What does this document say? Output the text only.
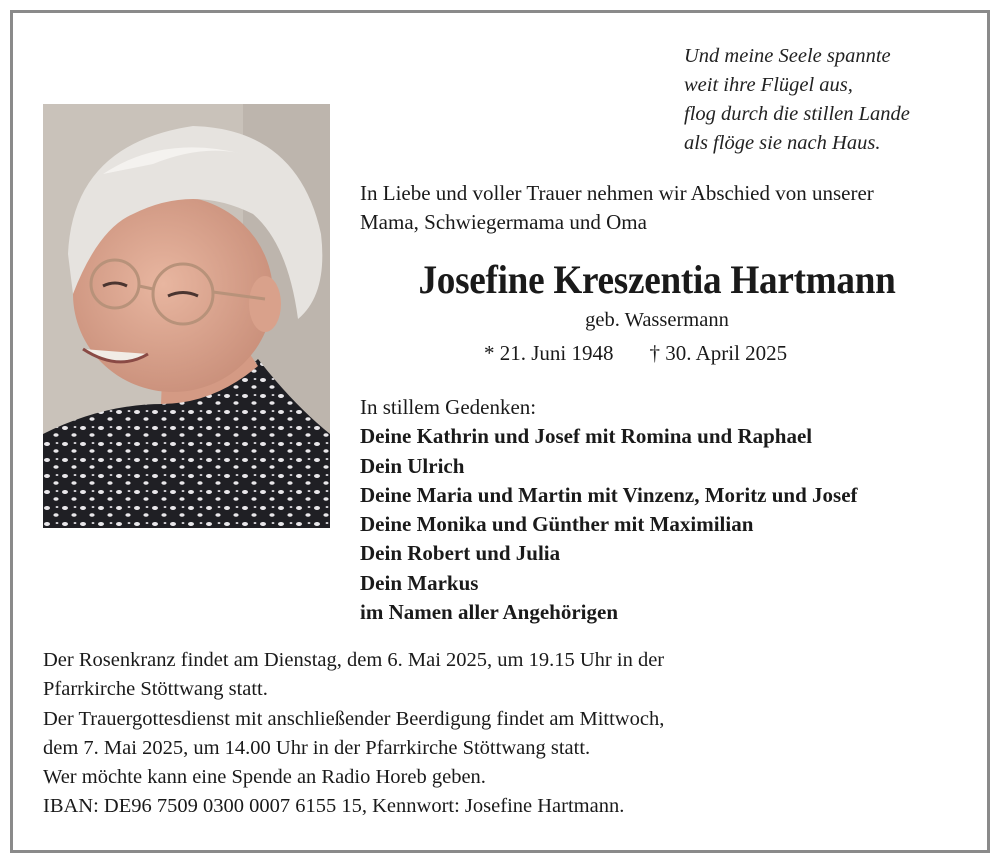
Und meine Seele spannte
weit ihre Flügel aus,
flog durch die stillen Lande
als flöge sie nach Haus.
In Liebe und voller Trauer nehmen wir Abschied von unserer
Mama, Schwiegermama und Oma
Josefine Kreszentia Hartmann
geb. Wassermann
* 21. Juni 1948 † 30. April 2025
In stillem Gedenken:
Deine Kathrin und Josef mit Romina und Raphael
Dein Ulrich
Deine Maria und Martin mit Vinzenz, Moritz und Josef
Deine Monika und Günther mit Maximilian
Dein Robert und Julia
Dein Markus
im Namen aller Angehörigen
Der Rosenkranz findet am Dienstag, dem 6. Mai 2025, um 19.15 Uhr in der
Pfarrkirche Stöttwang statt.
Der Trauergottesdienst mit anschließender Beerdigung findet am Mittwoch,
dem 7. Mai 2025, um 14.00 Uhr in der Pfarrkirche Stöttwang statt.
Wer möchte kann eine Spende an Radio Horeb geben.
IBAN: DE96 7509 0300 0007 6155 15, Kennwort: Josefine Hartmann.
